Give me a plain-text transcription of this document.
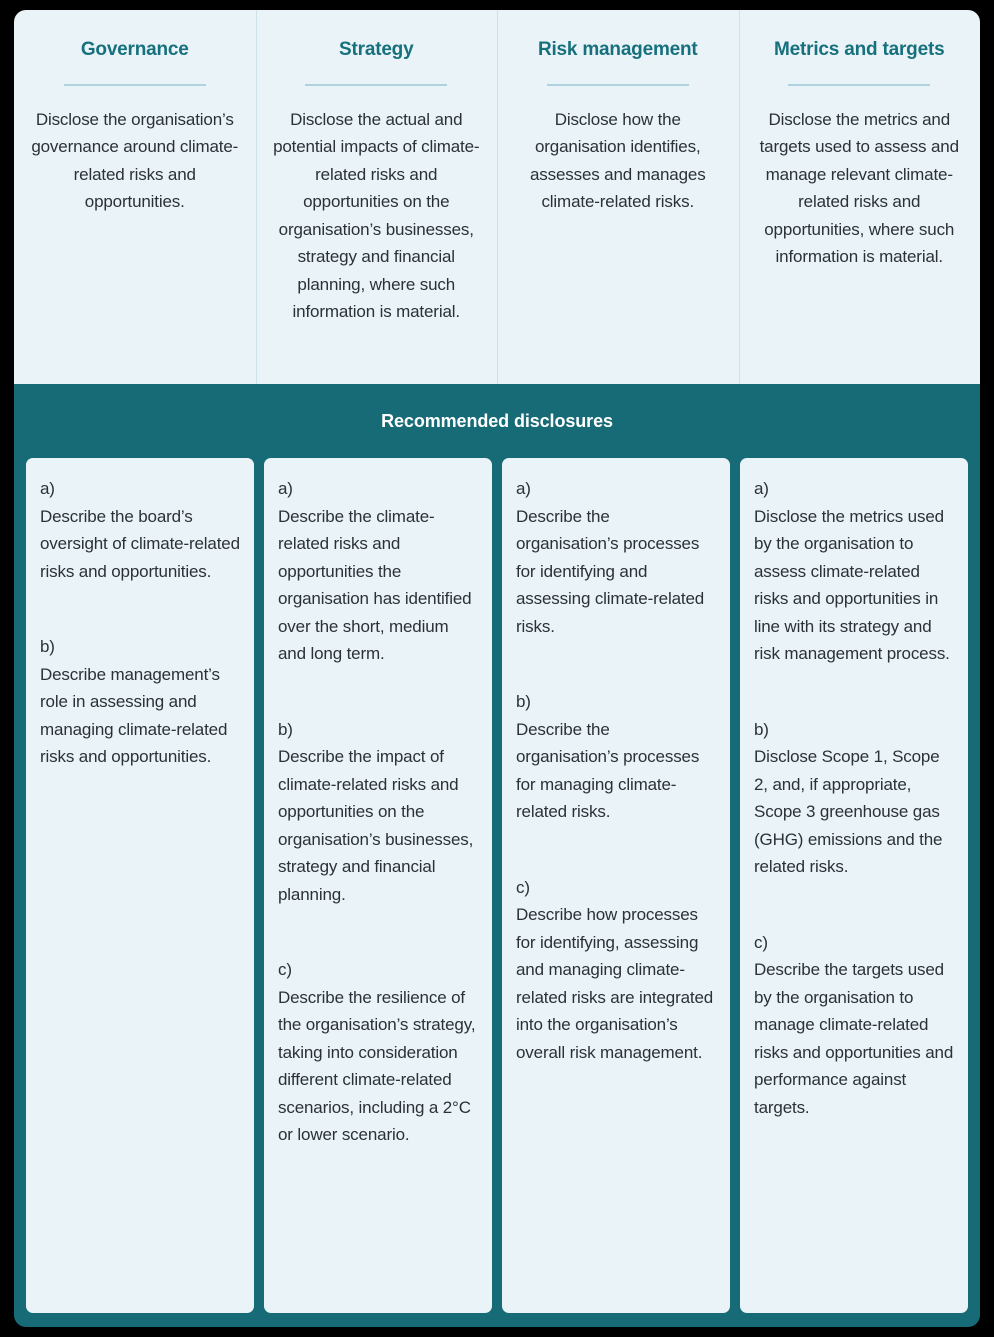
Governance
Disclose the organisation’s governance around climate-related risks and opportunities.
Strategy
Disclose the actual and potential impacts of climate-related risks and opportunities on the organisation’s businesses, strategy and financial planning, where such information is material.
Risk management
Disclose how the organisation identifies, assesses and manages climate-related risks.
Metrics and targets
Disclose the metrics and targets used to assess and manage relevant climate-related risks and opportunities, where such information is material.
Recommended disclosures
a)
Describe the board’s oversight of climate-related risks and opportunities.
b)
Describe management’s role in assessing and managing climate-related risks and opportunities.
a)
Describe the climate-related risks and opportunities the organisation has identified over the short, medium and long term.
b)
Describe the impact of climate-related risks and opportunities on the organisation’s businesses, strategy and financial planning.
c)
Describe the resilience of the organisation’s strategy, taking into consideration different climate-related scenarios, including a 2°C or lower scenario.
a)
Describe the organisation’s processes for identifying and assessing climate-related risks.
b)
Describe the organisation’s processes for managing climate-related risks.
c)
Describe how processes for identifying, assessing and managing climate-related risks are integrated into the organisation’s overall risk management.
a)
Disclose the metrics used by the organisation to assess climate-related risks and opportunities in line with its strategy and risk management process.
b)
Disclose Scope 1, Scope 2, and, if appropriate, Scope 3 greenhouse gas (GHG) emissions and the related risks.
c)
Describe the targets used by the organisation to manage climate-related risks and opportunities and performance against targets.
